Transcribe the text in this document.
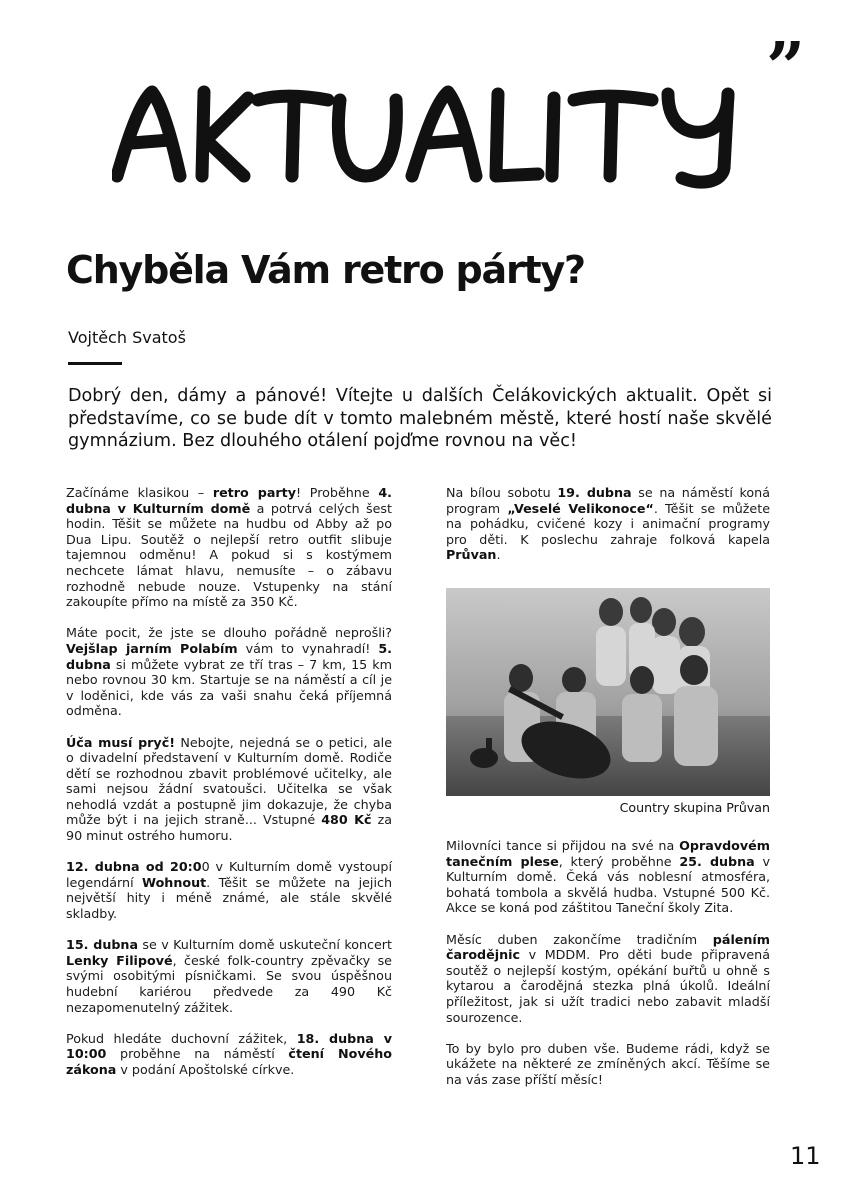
”
Chyběla Vám retro párty?
Vojtěch Svatoš

Dobrý den, dámy a pánové! Vítejte u dalších Čelákovických aktualit. Opět si představíme, co se bude dít v tomto malebném městě, které hostí naše skvělé gymnázium. Bez dlouhého otálení pojďme rovnou na věc!

Začínáme klasikou – retro party! Proběhne 4. dubna v Kulturním domě a potrvá celých šest hodin. Těšit se můžete na hudbu od Abby až po Dua Lipu. Soutěž o nejlepší retro outfit slibuje tajemnou odměnu! A pokud si s kostýmem nechcete lámat hlavu, nemusíte – o zábavu rozhodně nebude nouze. Vstupenky na stání zakoupíte přímo na místě za 350 Kč.

Máte pocit, že jste se dlouho pořádně neprošli? Vejšlap jarním Polabím vám to vynahradí! 5. dubna si můžete vybrat ze tří tras – 7 km, 15 km nebo rovnou 30 km. Startuje se na náměstí a cíl je v loděnici, kde vás za vaši snahu čeká příjemná odměna.

Úča musí pryč! Nebojte, nejedná se o petici, ale o divadelní představení v Kulturním domě. Rodiče dětí se rozhodnou zbavit problémové učitelky, ale sami nejsou žádní svatoušci. Učitelka se však nehodlá vzdát a postupně jim dokazuje, že chyba může být i na jejich straně... Vstupné 480 Kč za 90 minut ostrého humoru.

12. dubna od 20:00 v Kulturním domě vystoupí legendární Wohnout. Těšit se můžete na jejich největší hity i méně známé, ale stále skvělé skladby.

15. dubna se v Kulturním domě uskuteční koncert Lenky Filipové, české folk-country zpěvačky se svými osobitými písničkami. Se svou úspěšnou hudební kariérou předvede za 490 Kč nezapomenutelný zážitek.

Pokud hledáte duchovní zážitek, 18. dubna v 10:00 proběhne na náměstí čtení Nového zákona v podání Apoštolské církve.

Na bílou sobotu 19. dubna se na náměstí koná program „Veselé Velikonoce“. Těšit se můžete na pohádku, cvičené kozy i animační programy pro děti. K poslechu zahraje folková kapela Průvan.

Country skupina Průvan

Milovníci tance si přijdou na své na Opravdovém tanečním plese, který proběhne 25. dubna v Kulturním domě. Čeká vás noblesní atmosféra, bohatá tombola a skvělá hudba. Vstupné 500 Kč. Akce se koná pod záštitou Taneční školy Zita.

Měsíc duben zakončíme tradičním pálením čarodějnic v MDDM. Pro děti bude připravená soutěž o nejlepší kostým, opékání buřtů u ohně s kytarou a čarodějná stezka plná úkolů. Ideální příležitost, jak si užít tradici nebo zabavit mladší sourozence.

To by bylo pro duben vše. Budeme rádi, když se ukážete na některé ze zmíněných akcí. Těšíme se na vás zase příští měsíc!

11
